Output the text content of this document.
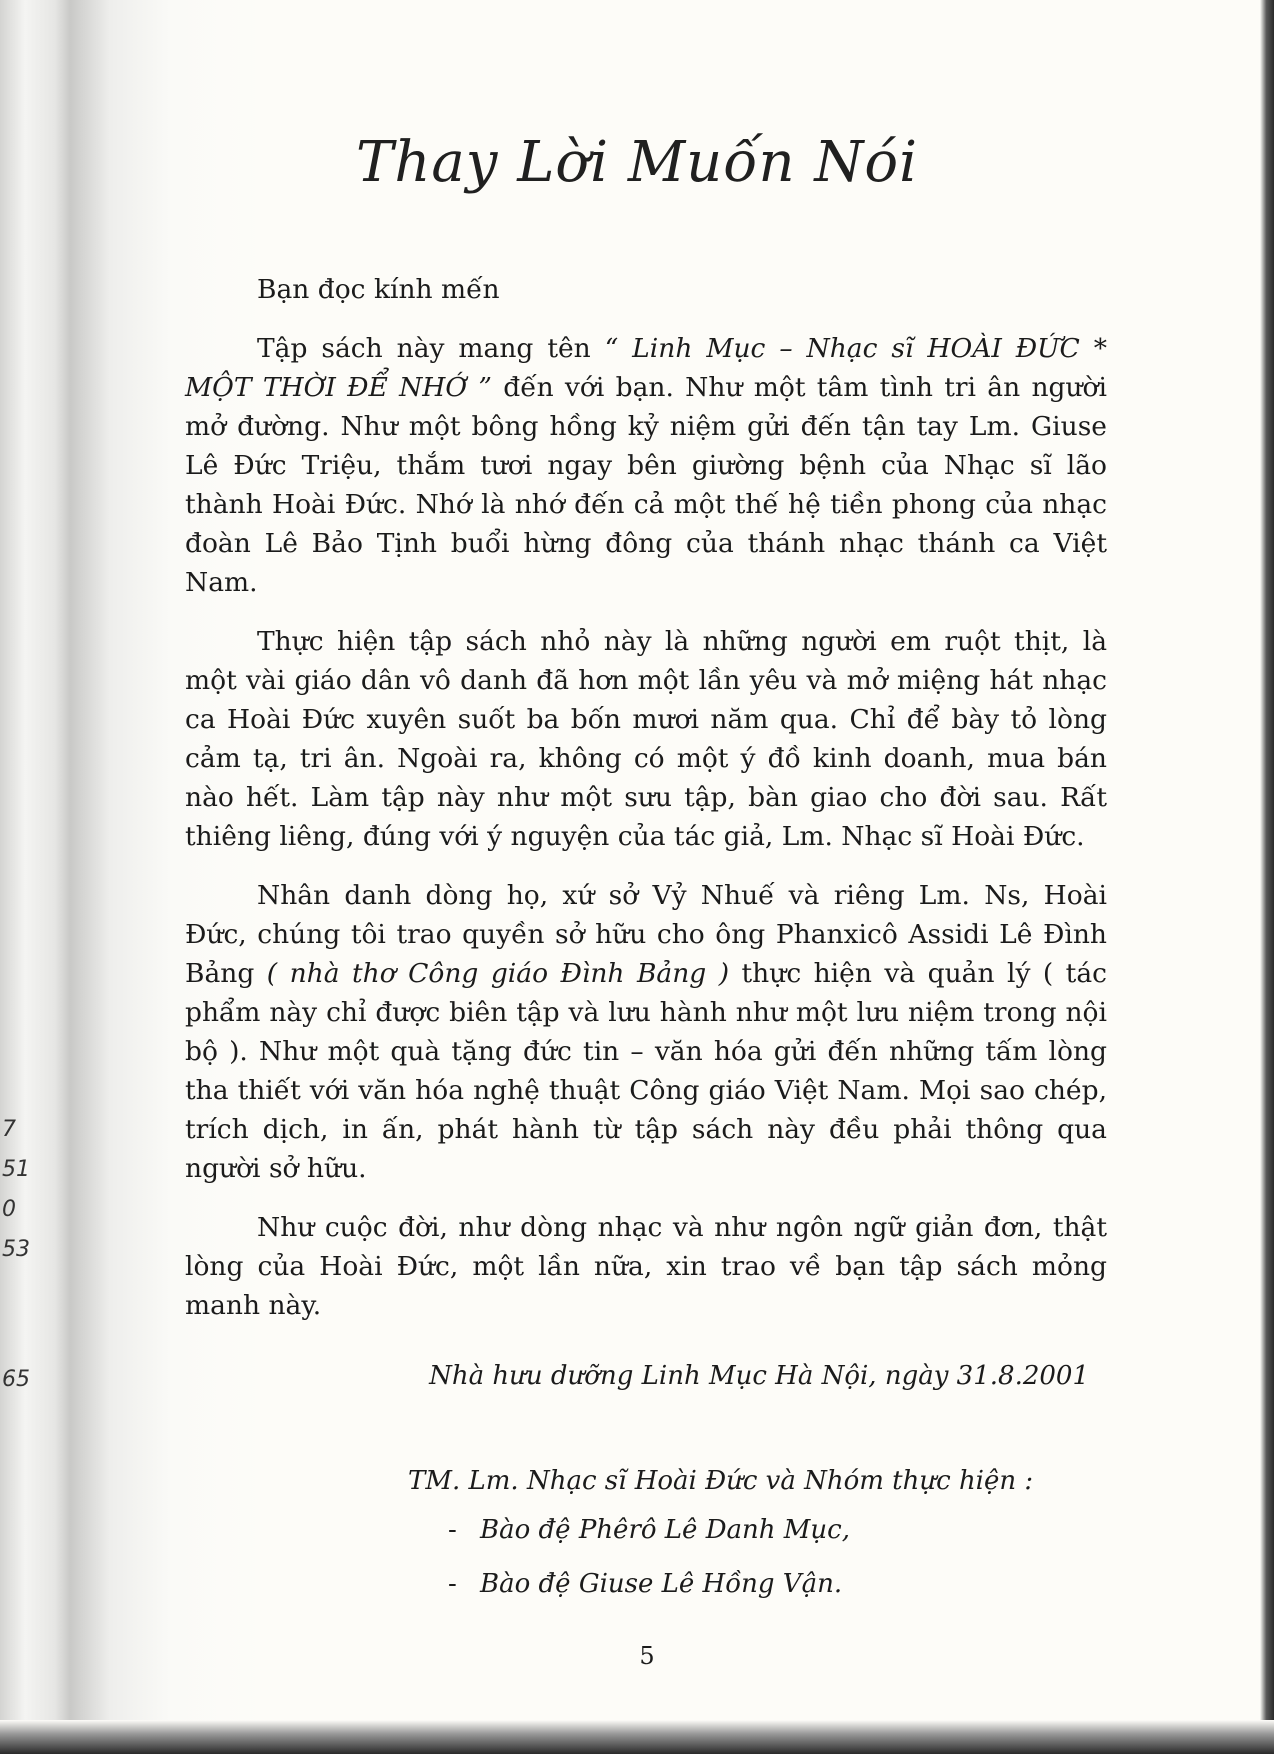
7
51
0
53
65
Thay Lời Muốn Nói

Bạn đọc kính mến

Tập sách này mang tên “ Linh Mục – Nhạc sĩ HOÀI ĐỨC * MỘT THỜI ĐỂ NHỚ ” đến với bạn. Như một tâm tình tri ân người mở đường. Như một bông hồng kỷ niệm gửi đến tận tay Lm. Giuse Lê Đức Triệu, thắm tươi ngay bên giường bệnh của Nhạc sĩ lão thành Hoài Đức. Nhớ là nhớ đến cả một thế hệ tiền phong của nhạc đoàn Lê Bảo Tịnh buổi hừng đông của thánh nhạc thánh ca Việt Nam.

Thực hiện tập sách nhỏ này là những người em ruột thịt, là một vài giáo dân vô danh đã hơn một lần yêu và mở miệng hát nhạc ca Hoài Đức xuyên suốt ba bốn mươi năm qua. Chỉ để bày tỏ lòng cảm tạ, tri ân. Ngoài ra, không có một ý đồ kinh doanh, mua bán nào hết. Làm tập này như một sưu tập, bàn giao cho đời sau. Rất thiêng liêng, đúng với ý nguyện của tác giả, Lm. Nhạc sĩ Hoài Đức.

Nhân danh dòng họ, xứ sở Vỷ Nhuế và riêng Lm. Ns, Hoài Đức, chúng tôi trao quyền sở hữu cho ông Phanxicô Assidi Lê Đình Bảng ( nhà thơ Công giáo Đình Bảng ) thực hiện và quản lý ( tác phẩm này chỉ được biên tập và lưu hành như một lưu niệm trong nội bộ ). Như một quà tặng đức tin – văn hóa gửi đến những tấm lòng tha thiết với văn hóa nghệ thuật Công giáo Việt Nam. Mọi sao chép, trích dịch, in ấn, phát hành từ tập sách này đều phải thông qua người sở hữu.

Như cuộc đời, như dòng nhạc và như ngôn ngữ giản đơn, thật lòng của Hoài Đức, một lần nữa, xin trao về bạn tập sách mỏng manh này.

Nhà hưu dưỡng Linh Mục Hà Nội, ngày 31.8.2001
TM. Lm. Nhạc sĩ Hoài Đức và Nhóm thực hiện :
- Bào đệ Phêrô Lê Danh Mục,
- Bào đệ Giuse Lê Hồng Vận.
5
